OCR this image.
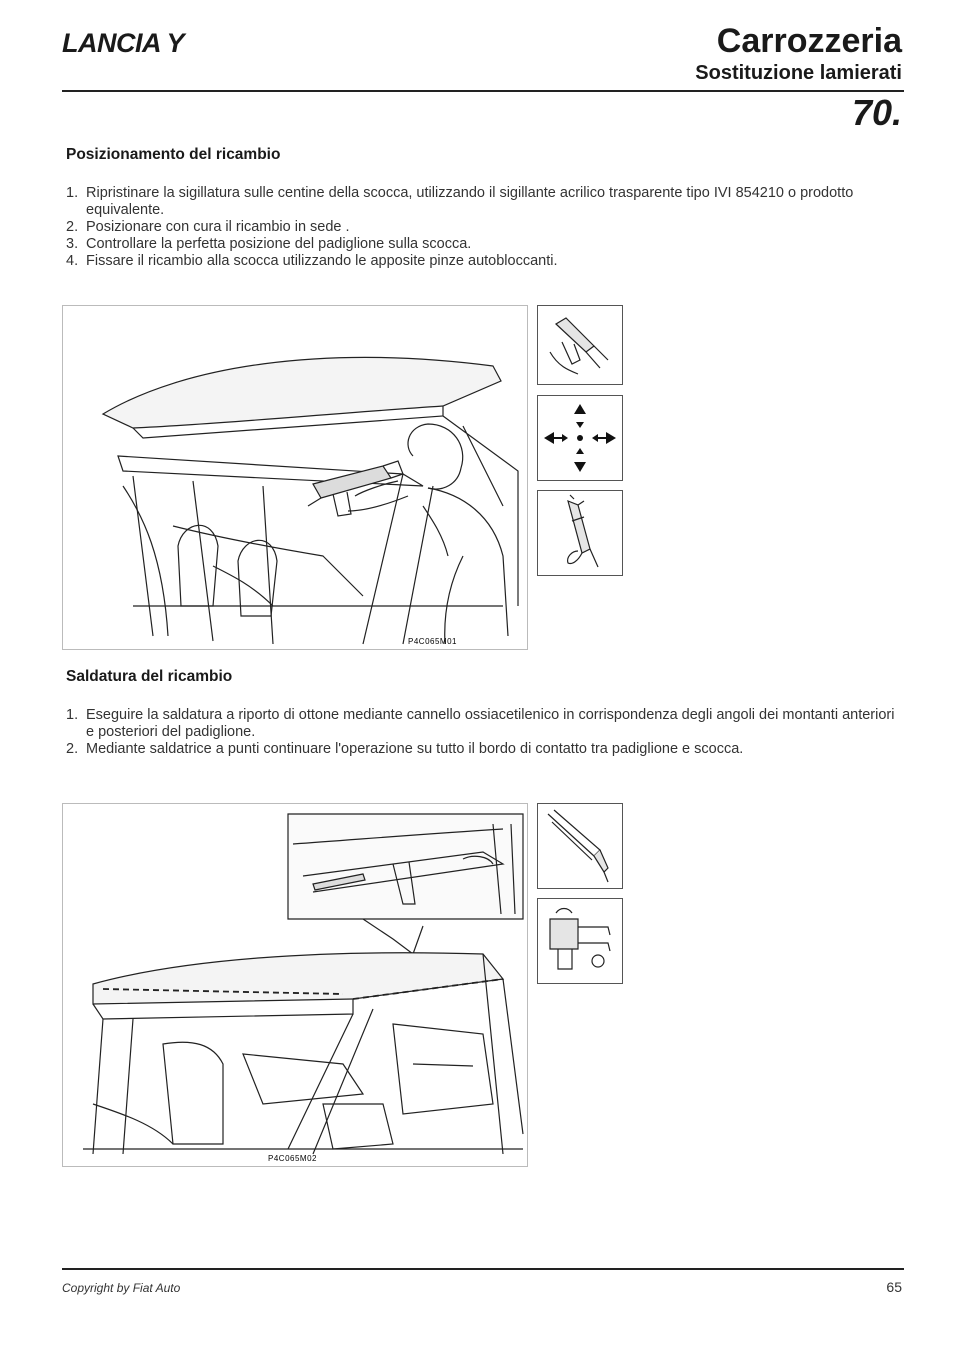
LANCIA Y	Carrozzeria
Sostituzione lamierati
70.
Posizionamento del ricambio
1. Ripristinare la sigillatura sulle centine della scocca, utilizzando il sigillante acrilico trasparente tipo IVI 854210 o prodotto equivalente.
2. Posizionare con cura il ricambio in sede .
3. Controllare la perfetta posizione del padiglione sulla scocca.
4. Fissare il ricambio alla scocca utilizzando le apposite pinze autobloccanti.
P4C065M01
Saldatura del ricambio
1. Eseguire la saldatura a riporto di ottone mediante cannello ossiacetilenico in corrispondenza degli angoli dei montanti anteriori e posteriori del padiglione.
2. Mediante saldatrice a punti continuare l'operazione su tutto il bordo di contatto tra padiglione e scocca.
P4C065M02
Copyright by Fiat Auto	65
